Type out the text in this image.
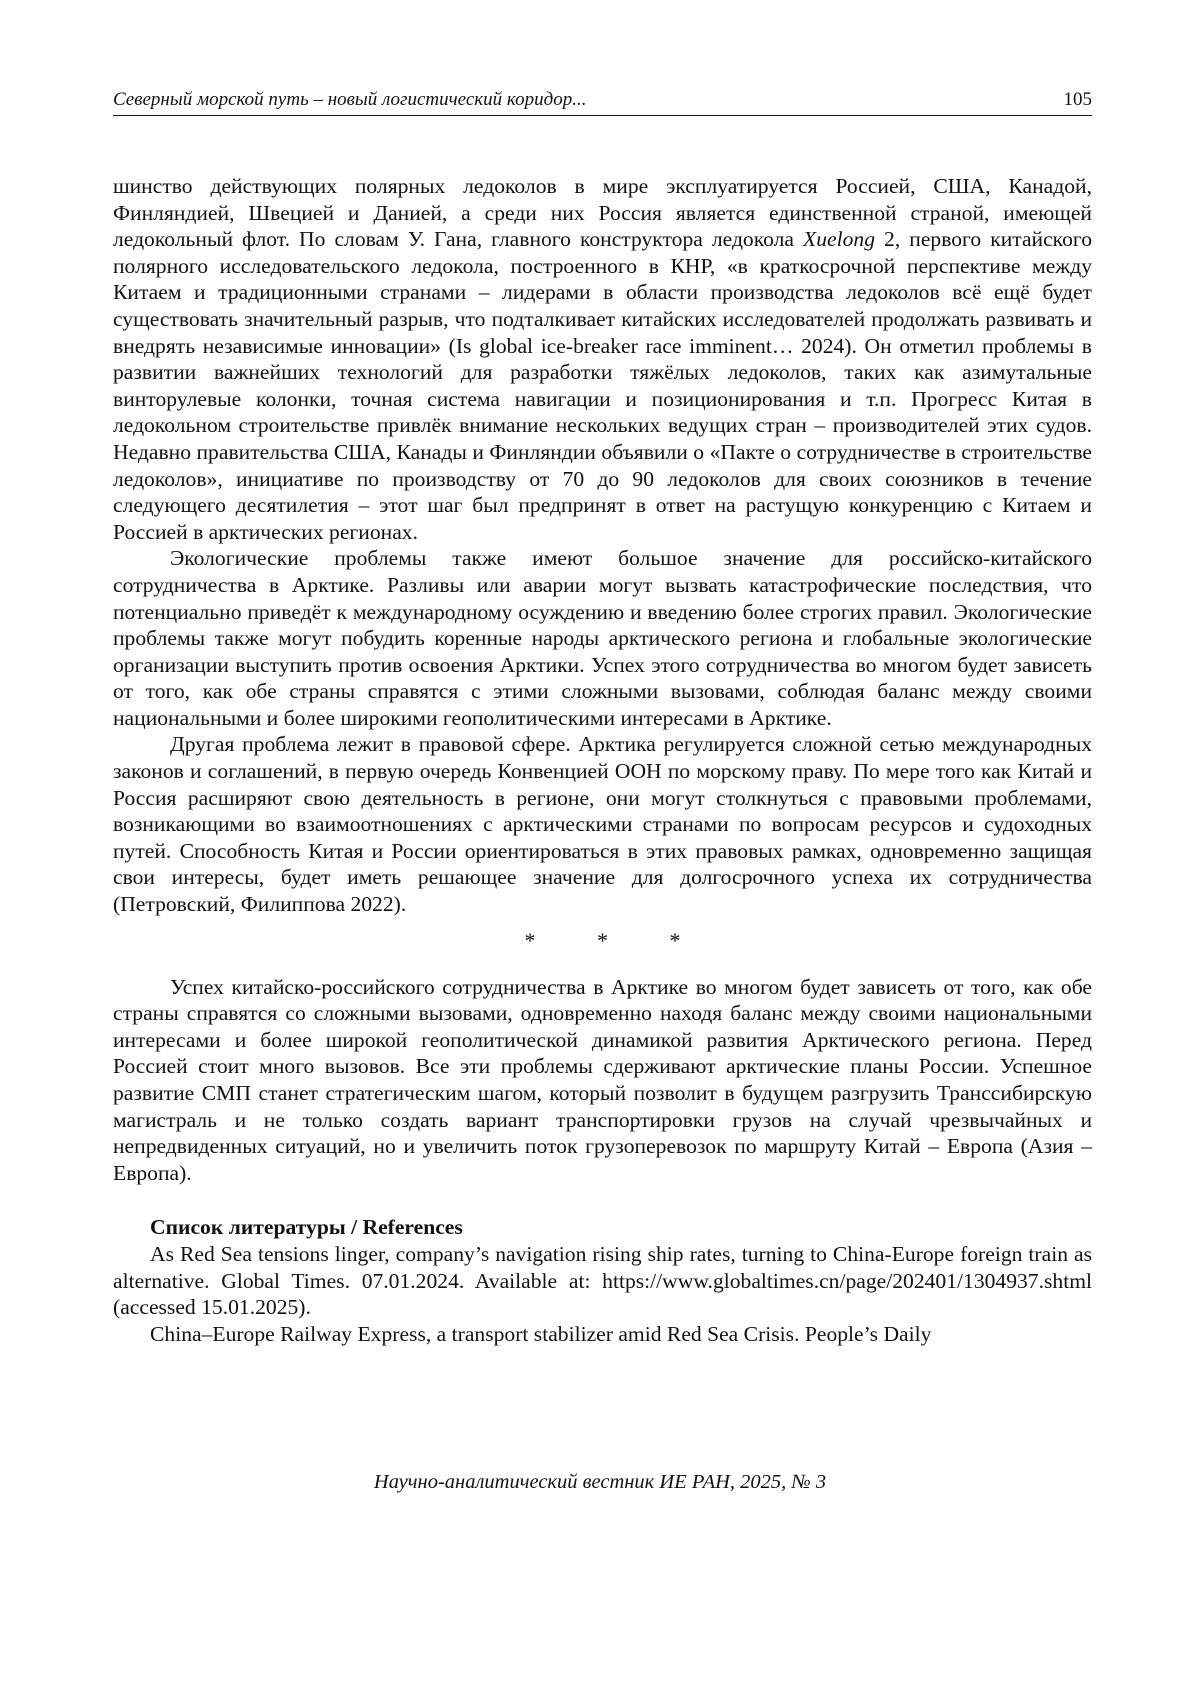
Северный морской путь – новый логистический коридор...	105

шинство действующих полярных ледоколов в мире эксплуатируется Россией, США, Канадой, Финляндией, Швецией и Данией, а среди них Россия является единственной страной, имеющей ледокольный флот. По словам У. Гана, главного конструктора ледокола Xuelong 2, первого китайского полярного исследовательского ледокола, построенного в КНР, «в краткосрочной перспективе между Китаем и традиционными странами – лидерами в области производства ледоколов всё ещё будет существовать значительный разрыв, что подталкивает китайских исследователей продолжать развивать и внедрять независимые инновации» (Is global ice-breaker race imminent… 2024). Он отметил проблемы в развитии важнейших технологий для разработки тяжёлых ледоколов, таких как азимутальные винторулевые колонки, точная система навигации и позиционирования и т.п. Прогресс Китая в ледокольном строительстве привлёк внимание нескольких ведущих стран – производителей этих судов. Недавно правительства США, Канады и Финляндии объявили о «Пакте о сотрудничестве в строительстве ледоколов», инициативе по производству от 70 до 90 ледоколов для своих союзников в течение следующего десятилетия – этот шаг был предпринят в ответ на растущую конкуренцию с Китаем и Россией в арктических регионах.

Экологические проблемы также имеют большое значение для российско-китайского сотрудничества в Арктике. Разливы или аварии могут вызвать катастрофические последствия, что потенциально приведёт к международному осуждению и введению более строгих правил. Экологические проблемы также могут побудить коренные народы арктического региона и глобальные экологические организации выступить против освоения Арктики. Успех этого сотрудничества во многом будет зависеть от того, как обе страны справятся с этими сложными вызовами, соблюдая баланс между своими национальными и более широкими геополитическими интересами в Арктике.

Другая проблема лежит в правовой сфере. Арктика регулируется сложной сетью международных законов и соглашений, в первую очередь Конвенцией ООН по морскому праву. По мере того как Китай и Россия расширяют свою деятельность в регионе, они могут столкнуться с правовыми проблемами, возникающими во взаимоотношениях с арктическими странами по вопросам ресурсов и судоходных путей. Способность Китая и России ориентироваться в этих правовых рамках, одновременно защищая свои интересы, будет иметь решающее значение для долгосрочного успеха их сотрудничества (Петровский, Филиппова 2022).

*	*	*

Успех китайско-российского сотрудничества в Арктике во многом будет зависеть от того, как обе страны справятся со сложными вызовами, одновременно находя баланс между своими национальными интересами и более широкой геополитической динамикой развития Арктического региона. Перед Россией стоит много вызовов. Все эти проблемы сдерживают арктические планы России. Успешное развитие СМП станет стратегическим шагом, который позволит в будущем разгрузить Транссибирскую магистраль и не только создать вариант транспортировки грузов на случай чрезвычайных и непредвиденных ситуаций, но и увеличить поток грузоперевозок по маршруту Китай – Европа (Азия – Европа).

Список литературы / References

As Red Sea tensions linger, company’s navigation rising ship rates, turning to China-Europe foreign train as alternative. Global Times. 07.01.2024. Available at: https://www.globaltimes.cn/page/202401/1304937.shtml (accessed 15.01.2025).

China–Europe Railway Express, a transport stabilizer amid Red Sea Crisis. People’s Daily

Научно-аналитический вестник ИЕ РАН, 2025, № 3
